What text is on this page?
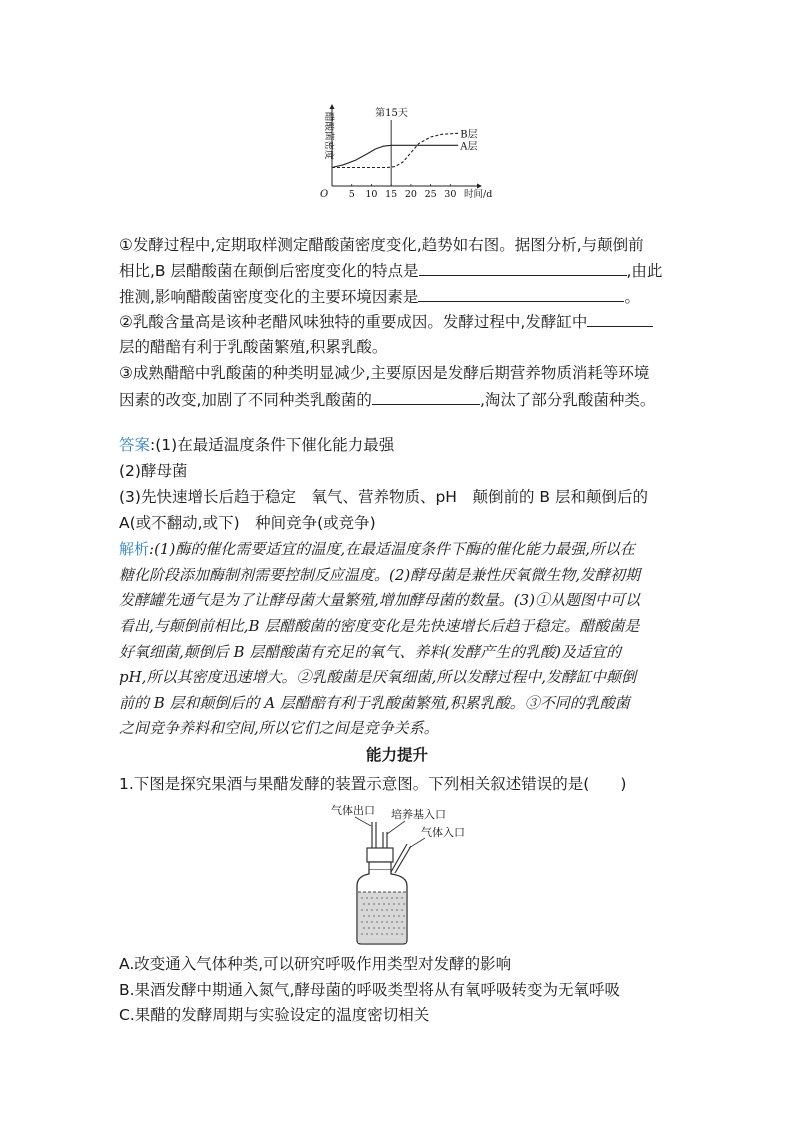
O 5 10 15 20 25 30 时间/d
醋酸菌密度	第15天
B层
A层
①发酵过程中,定期取样测定醋酸菌密度变化,趋势如右图。据图分析,与颠倒前
相比,B 层醋酸菌在颠倒后密度变化的特点是	,由此
推测,影响醋酸菌密度变化的主要环境因素是	。
②乳酸含量高是该种老醋风味独特的重要成因。发酵过程中,发酵缸中
层的醋醅有利于乳酸菌繁殖,积累乳酸。
③成熟醋醅中乳酸菌的种类明显减少,主要原因是发酵后期营养物质消耗等环境
因素的改变,加剧了不同种类乳酸菌的	,淘汰了部分乳酸菌种类。
答案:(1)在最适温度条件下催化能力最强
(2)酵母菌
(3)先快速增长后趋于稳定　氧气、营养物质、pH　颠倒前的 B 层和颠倒后的
A(或不翻动,或下)　种间竞争(或竞争)
解析:(1)酶的催化需要适宜的温度,在最适温度条件下酶的催化能力最强,所以在
糖化阶段添加酶制剂需要控制反应温度。(2)酵母菌是兼性厌氧微生物,发酵初期
发酵罐先通气是为了让酵母菌大量繁殖,增加酵母菌的数量。(3)①从题图中可以
看出,与颠倒前相比,B 层醋酸菌的密度变化是先快速增长后趋于稳定。醋酸菌是
好氧细菌,颠倒后 B 层醋酸菌有充足的氧气、养料(发酵产生的乳酸)及适宜的
pH,所以其密度迅速增大。②乳酸菌是厌氧细菌,所以发酵过程中,发酵缸中颠倒
前的 B 层和颠倒后的 A 层醋醅有利于乳酸菌繁殖,积累乳酸。③不同的乳酸菌
之间竞争养料和空间,所以它们之间是竞争关系。
能力提升
1.下图是探究果酒与果醋发酵的装置示意图。下列相关叙述错误的是(　　)
气体出口 培养基入口
气体入口
A.改变通入气体种类,可以研究呼吸作用类型对发酵的影响
B.果酒发酵中期通入氮气,酵母菌的呼吸类型将从有氧呼吸转变为无氧呼吸
C.果醋的发酵周期与实验设定的温度密切相关
